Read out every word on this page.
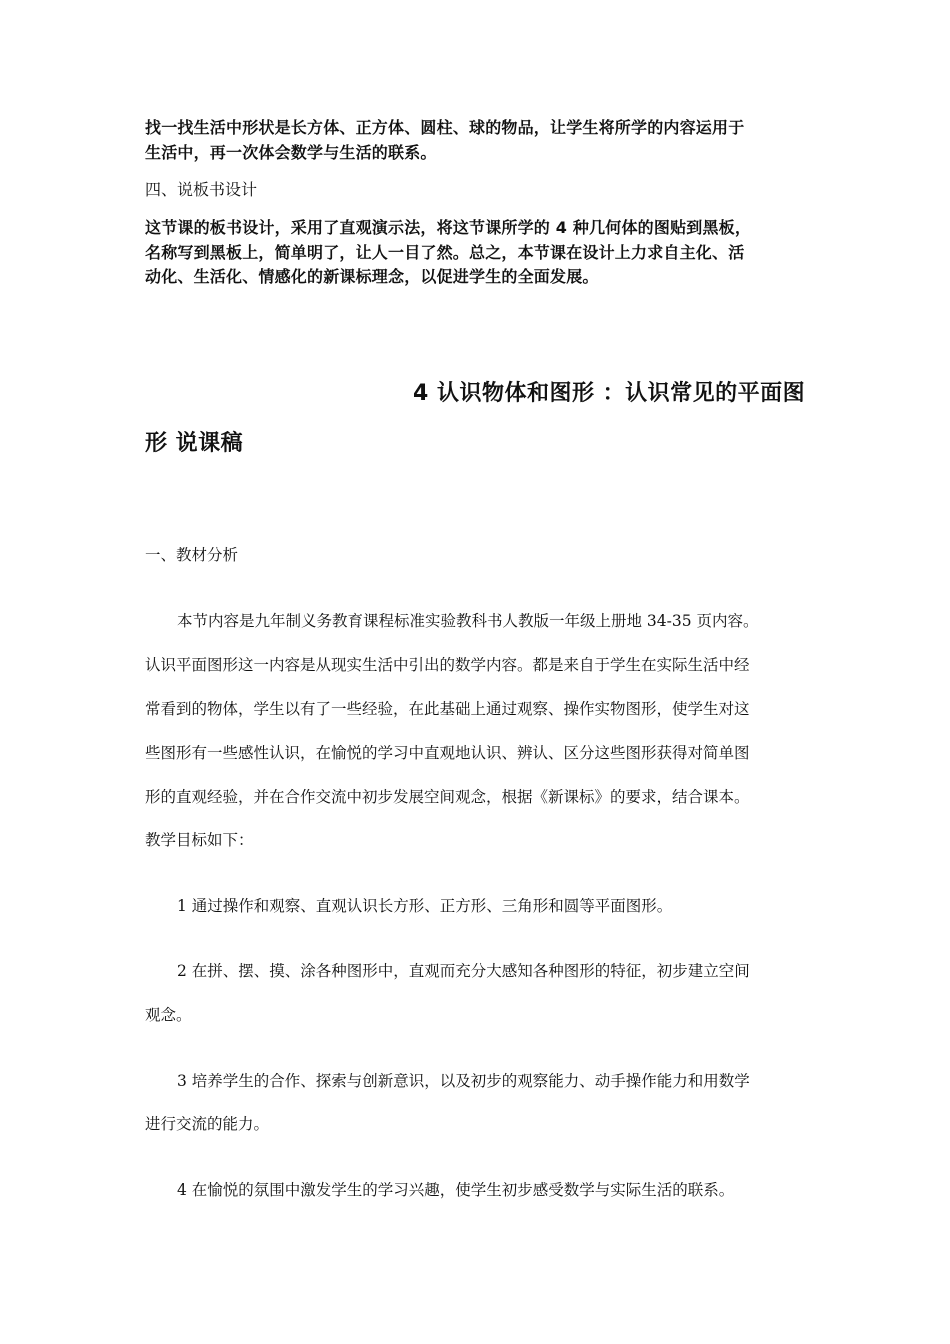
找一找生活中形状是长方体、正方体、圆柱、球的物品，让学生将所学的内容运用于

生活中，再一次体会数学与生活的联系。

四、说板书设计

这节课的板书设计，采用了直观演示法，将这节课所学的 4 种几何体的图贴到黑板，

名称写到黑板上，简单明了，让人一目了然。总之，本节课在设计上力求自主化、活

动化、生活化、情感化的新课标理念，以促进学生的全面发展。

4 认识物体和图形 ：认识常见的平面图

形 说课稿

一、教材分析

本节内容是九年制义务教育课程标准实验教科书人教版一年级上册地 34-35 页内容。

认识平面图形这一内容是从现实生活中引出的数学内容。都是来自于学生在实际生活中经

常看到的物体，学生以有了一些经验，在此基础上通过观察、操作实物图形，使学生对这

些图形有一些感性认识，在愉悦的学习中直观地认识、辨认、区分这些图形获得对简单图

形的直观经验，并在合作交流中初步发展空间观念，根据《新课标》的要求，结合课本。

教学目标如下：

1 通过操作和观察、直观认识长方形、正方形、三角形和圆等平面图形。

2 在拼、摆、摸、涂各种图形中，直观而充分大感知各种图形的特征，初步建立空间

观念。

3 培养学生的合作、探索与创新意识，以及初步的观察能力、动手操作能力和用数学

进行交流的能力。

4 在愉悦的氛围中激发学生的学习兴趣，使学生初步感受数学与实际生活的联系。
